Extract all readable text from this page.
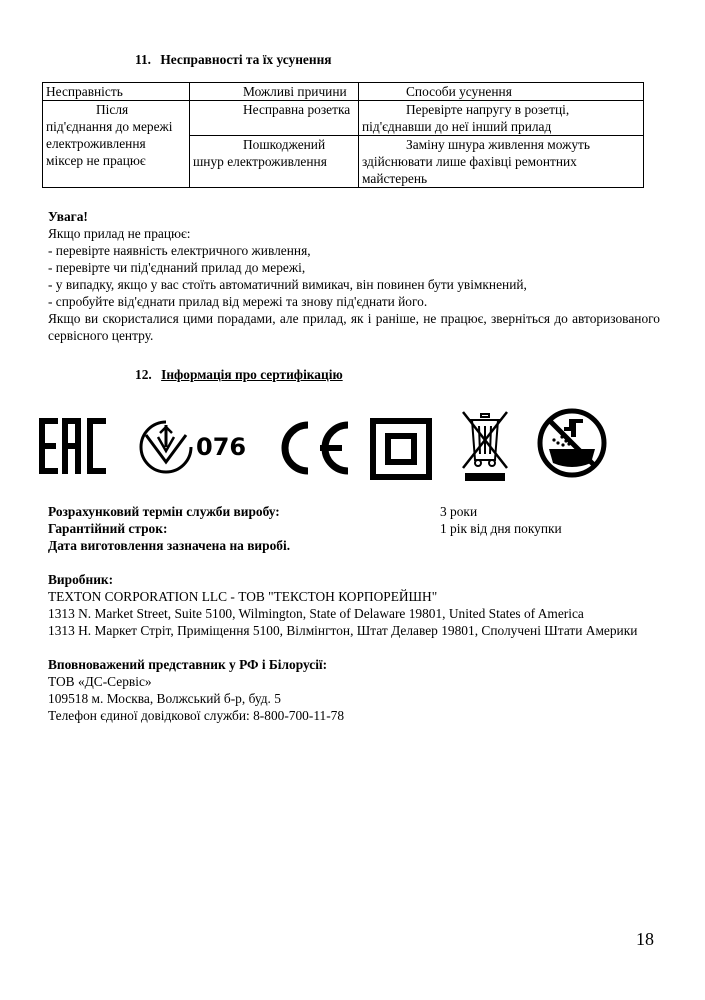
11. Несправності та їх усунення
Несправність	Можливі причини	Способи усунення
Після під'єднання до мережі електроживлення міксер не працює	Несправна розетка	Перевірте напругу в розетці, під'єднавши до неї інший прилад
	Пошкоджений шнур електроживлення	Заміну шнура живлення можуть здійснювати лише фахівці ремонтних майстерень

Увага!

Якщо прилад не працює:

- перевірте наявність електричного живлення,

- перевірте чи під'єднаний прилад до мережі,

- у випадку, якщо у вас стоїть автоматичний вимикач, він повинен бути увімкнений,

- спробуйте від'єднати прилад від мережі та знову під'єднати його.

Якщо ви скористалися цими порадами, але прилад, як і раніше, не працює, зверніться до авторизованого сервісного центру.

12. Інформація про сертифікацію
076
Розрахунковий термін служби виробу:	3 роки
Гарантійний строк:	1 рік від дня покупки

Дата виготовлення зазначена на виробі.

Виробник:

TEXTON CORPORATION LLC - ТОВ "ТЕКСТОН КОРПОРЕЙШН"

1313 N. Market Street, Suite 5100, Wilmington, State of Delaware 19801, United States of America

1313 Н. Маркет Стріт, Приміщення 5100, Вілмінгтон, Штат Делавер 19801, Сполучені Штати Америки

Вповноважений представник у РФ і Білорусії:

ТОВ «ДС-Сервіс»

109518 м. Москва, Волжський б-р, буд. 5

Телефон єдиної довідкової служби: 8-800-700-11-78

18
